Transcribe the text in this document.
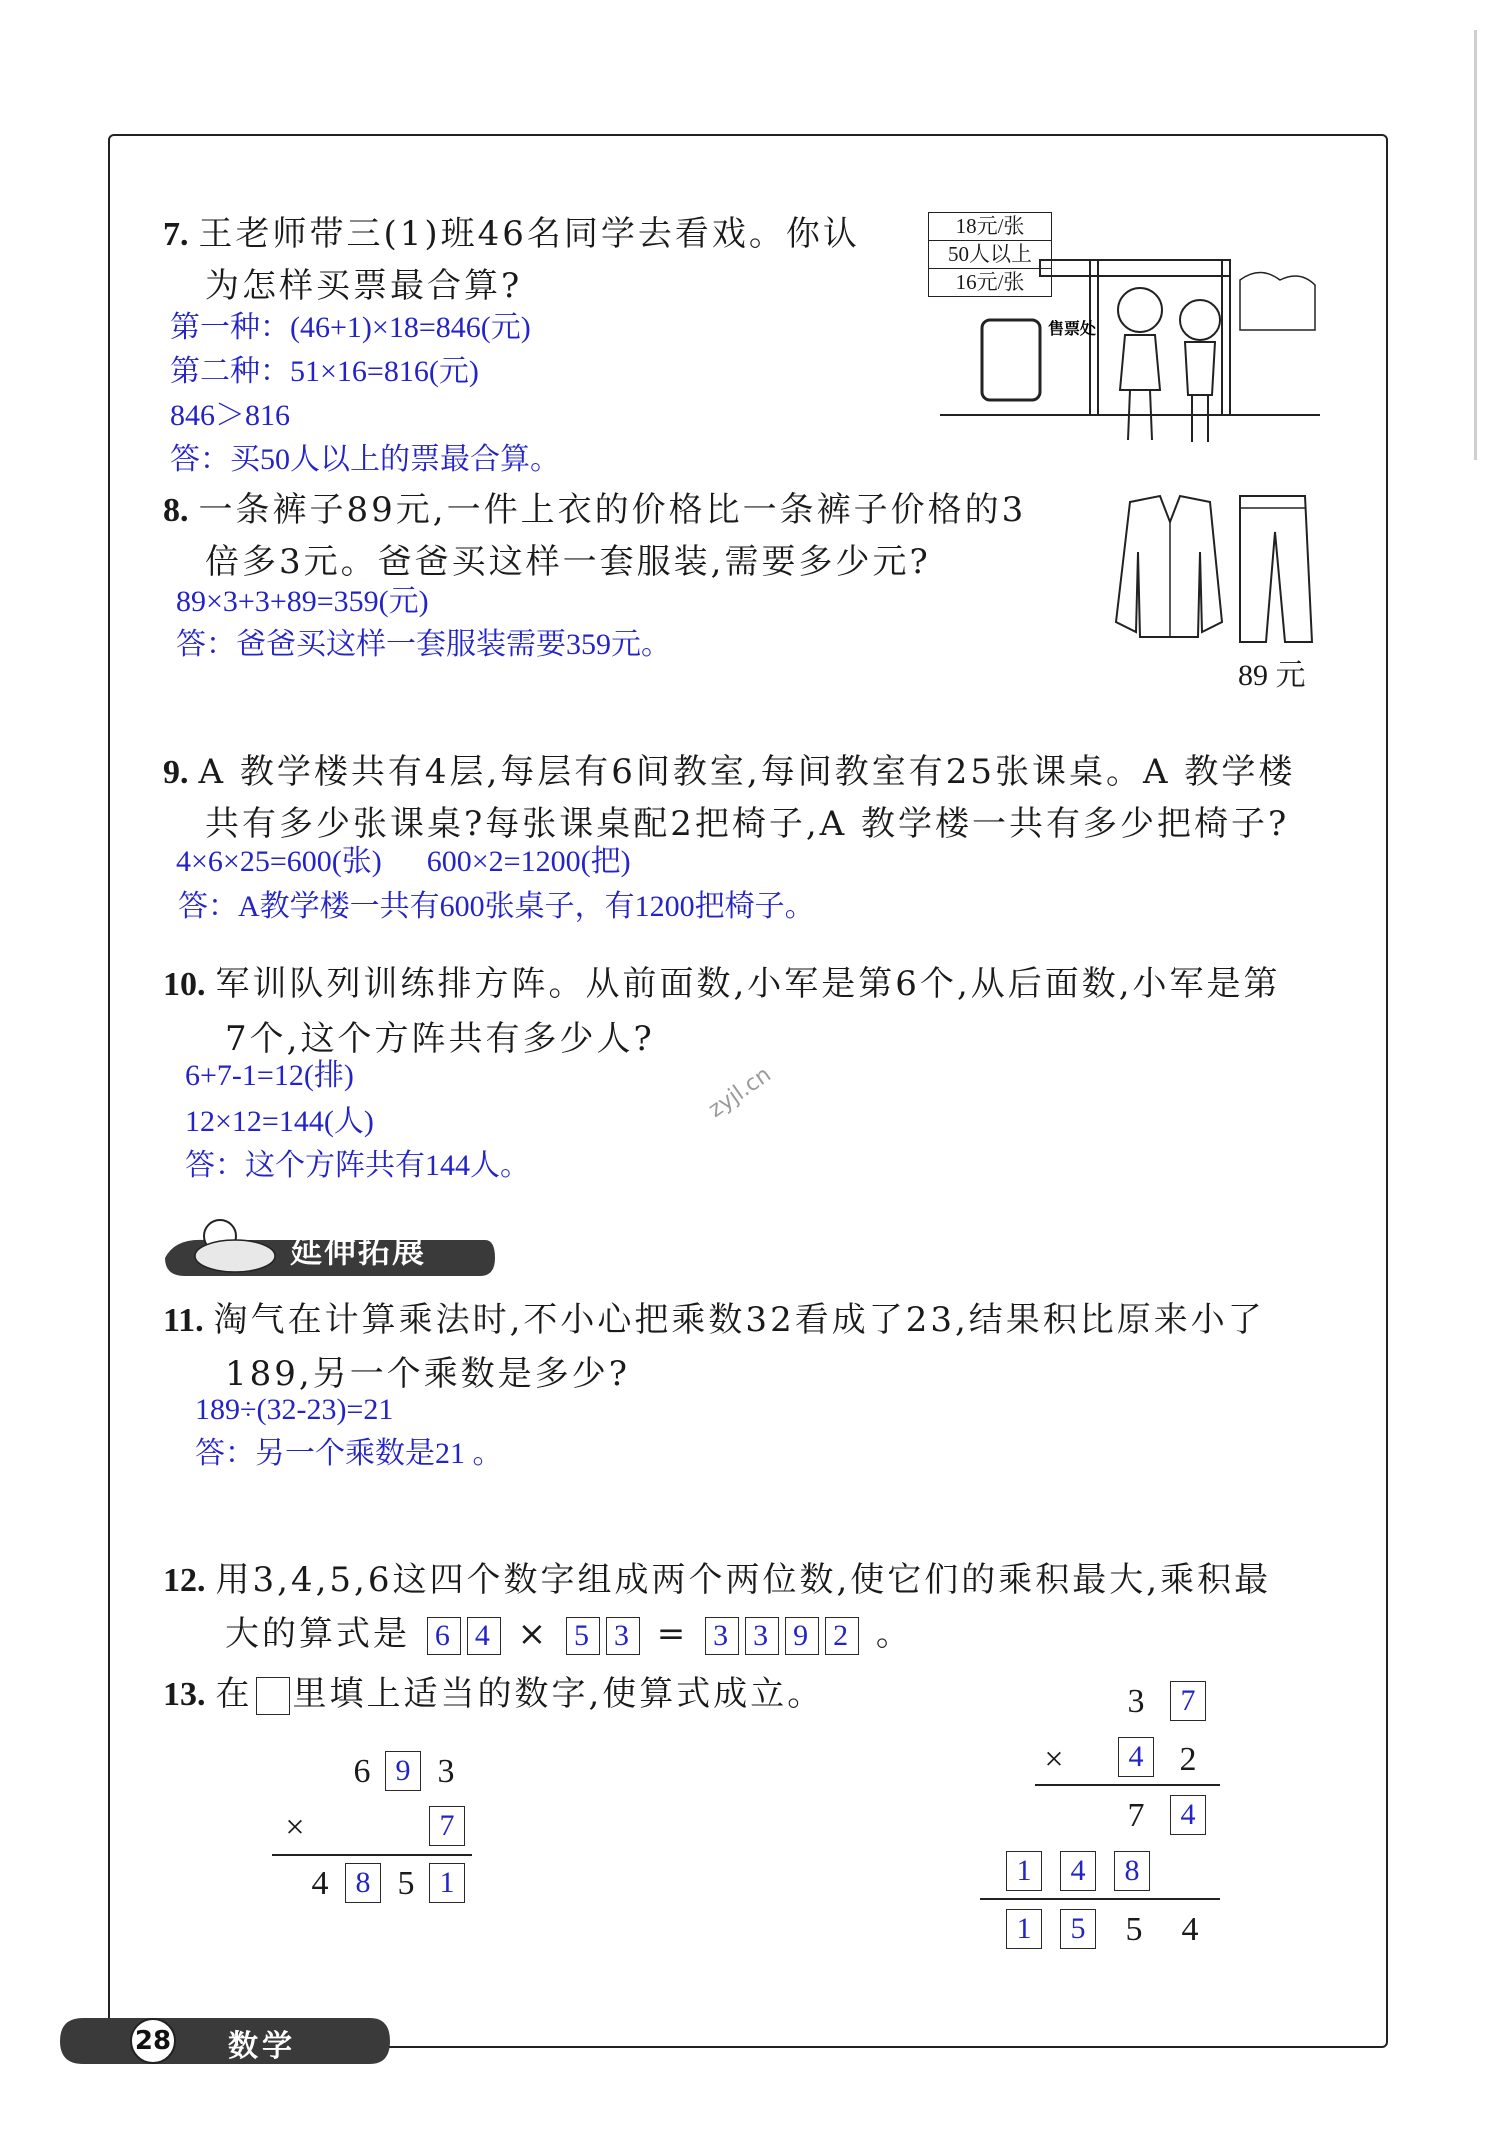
7. 王老师带三(1)班46名同学去看戏。你认
为怎样买票最合算?
第一种：(46+1)×18=846(元)
第二种：51×16=816(元)
846＞816
答：买50人以上的票最合算。
18元/张
50人以上
16元/张
售票处
8. 一条裤子89元,一件上衣的价格比一条裤子价格的3
倍多3元。爸爸买这样一套服装,需要多少元?
89×3+3+89=359(元)
答：爸爸买这样一套服装需要359元。
89 元
9. A 教学楼共有4层,每层有6间教室,每间教室有25张课桌。A 教学楼
共有多少张课桌?每张课桌配2把椅子,A 教学楼一共有多少把椅子?
4×6×25=600(张)      600×2=1200(把)
答：A教学楼一共有600张桌子，有1200把椅子。
10. 军训队列训练排方阵。从前面数,小军是第6个,从后面数,小军是第
7个,这个方阵共有多少人?
6+7-1=12(排)
12×12=144(人)
答：这个方阵共有144人。
zyjl.cn
延伸拓展
11. 淘气在计算乘法时,不小心把乘数32看成了23,结果积比原来小了
189,另一个乘数是多少?
189÷(32-23)=21
答：另一个乘数是21 。
12. 用3,4,5,6这四个数字组成两个两位数,使它们的乘积最大,乘积最
大的算式是 6 4 × 5 3 = 3 3 9 2 。
13. 在 里填上适当的数字,使算式成立。
6 9 3
×	7
4 8 5 1
3	7
×	4	2
7	4
1	4	8
1	5	5	4
28 数学
